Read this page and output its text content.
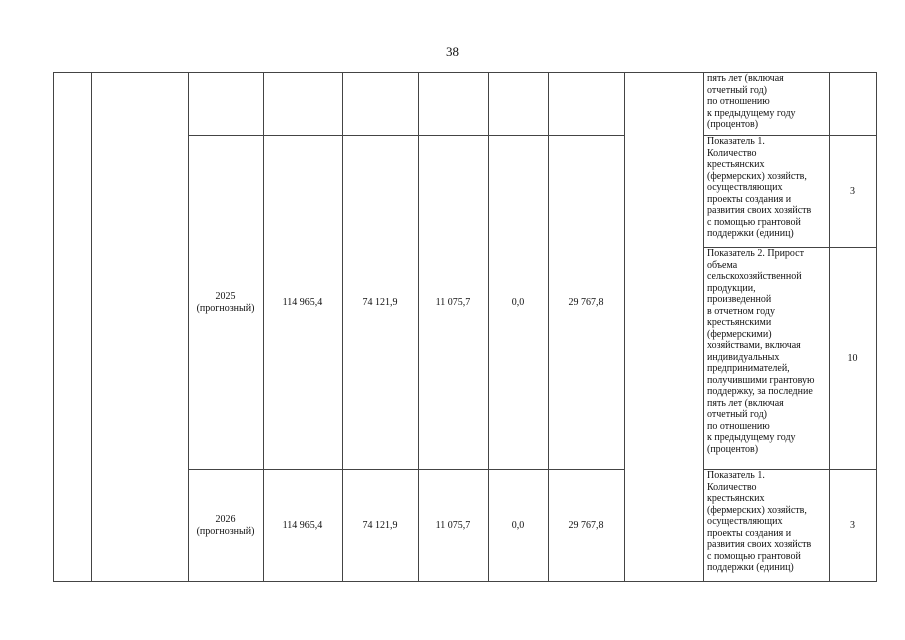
38
пять лет (включая
отчетный год)
по отношению
к предыдущему году
(процентов)
2025
(прогнозный)
114 965,4	74 121,9	11 075,7	0,0	29 767,8
Показатель 1.
Количество
крестьянских
(фермерских) хозяйств,
осуществляющих
проекты создания и
развития своих хозяйств
с помощью грантовой
поддержки (единиц)
3
Показатель 2. Прирост
объема
сельскохозяйственной
продукции,
произведенной
в отчетном году
крестьянскими
(фермерскими)
хозяйствами, включая
индивидуальных
предпринимателей,
получившими грантовую
поддержку, за последние
пять лет (включая
отчетный год)
по отношению
к предыдущему году
(процентов)
10
2026
(прогнозный)
114 965,4	74 121,9	11 075,7	0,0	29 767,8
Показатель 1.
Количество
крестьянских
(фермерских) хозяйств,
осуществляющих
проекты создания и
развития своих хозяйств
с помощью грантовой
поддержки (единиц)
3
